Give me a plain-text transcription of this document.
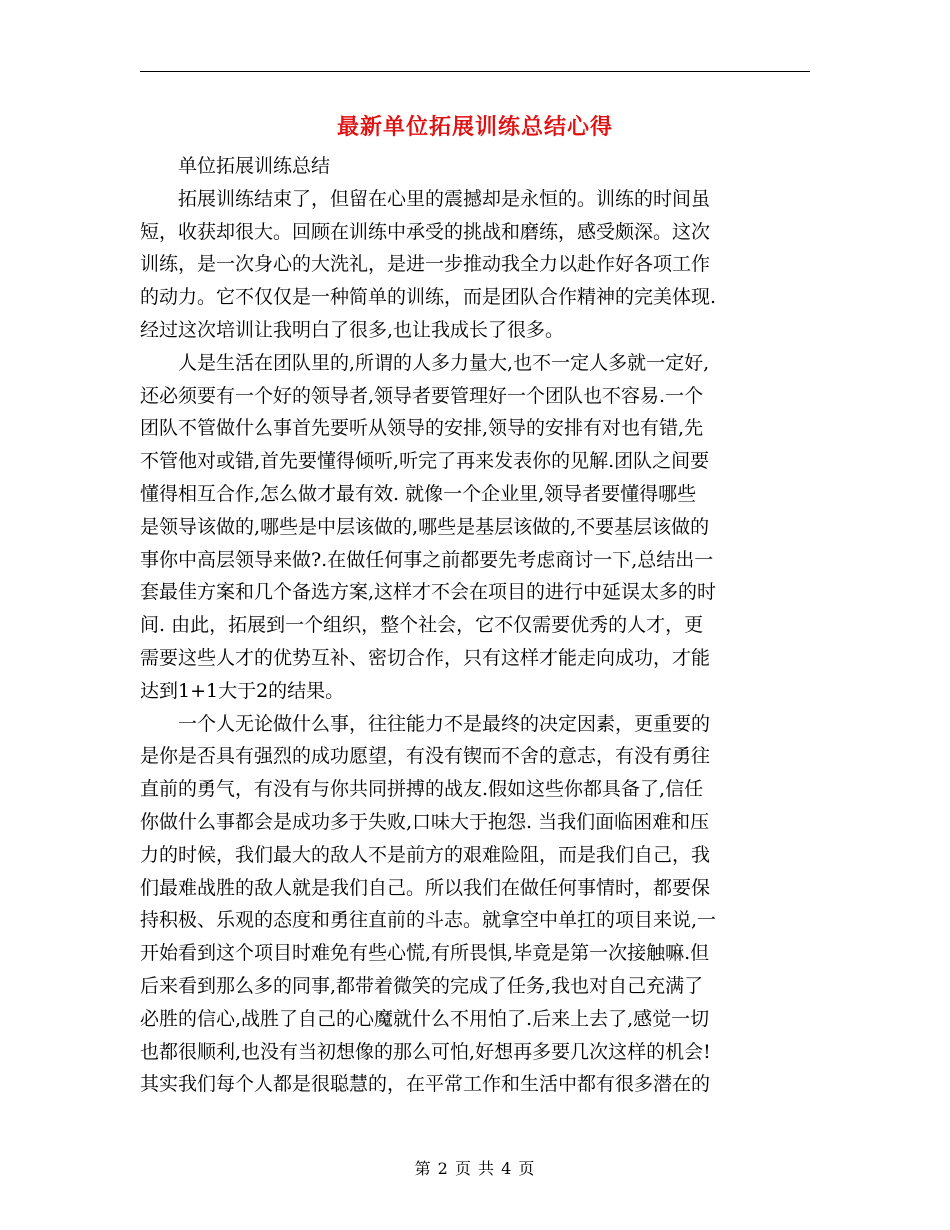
最新单位拓展训练总结心得
　　单位拓展训练总结
　　拓展训练结束了，但留在心里的震撼却是永恒的。训练的时间虽
短，收获却很大。回顾在训练中承受的挑战和磨练，感受颇深。这次
训练，是一次身心的大洗礼，是进一步推动我全力以赴作好各项工作
的动力。它不仅仅是一种简单的训练，而是团队合作精神的完美体现.
经过这次培训让我明白了很多,也让我成长了很多。
　　人是生活在团队里的,所谓的人多力量大,也不一定人多就一定好,
还必须要有一个好的领导者,领导者要管理好一个团队也不容易.一个
团队不管做什么事首先要听从领导的安排,领导的安排有对也有错,先
不管他对或错,首先要懂得倾听,听完了再来发表你的见解.团队之间要
懂得相互合作,怎么做才最有效. 就像一个企业里,领导者要懂得哪些
是领导该做的,哪些是中层该做的,哪些是基层该做的,不要基层该做的
事你中高层领导来做?.在做任何事之前都要先考虑商讨一下,总结出一
套最佳方案和几个备选方案,这样才不会在项目的进行中延误太多的时
间. 由此，拓展到一个组织，整个社会，它不仅需要优秀的人才，更
需要这些人才的优势互补、密切合作，只有这样才能走向成功，才能
达到1+1大于2的结果。
　　一个人无论做什么事，往往能力不是最终的决定因素，更重要的
是你是否具有强烈的成功愿望，有没有锲而不舍的意志，有没有勇往
直前的勇气，有没有与你共同拼搏的战友.假如这些你都具备了,信任
你做什么事都会是成功多于失败,口味大于抱怨. 当我们面临困难和压
力的时候，我们最大的敌人不是前方的艰难险阻，而是我们自己，我
们最难战胜的敌人就是我们自己。所以我们在做任何事情时，都要保
持积极、乐观的态度和勇往直前的斗志。就拿空中单扛的项目来说,一
开始看到这个项目时难免有些心慌,有所畏惧,毕竟是第一次接触嘛.但
后来看到那么多的同事,都带着微笑的完成了任务,我也对自己充满了
必胜的信心,战胜了自己的心魔就什么不用怕了.后来上去了,感觉一切
也都很顺利,也没有当初想像的那么可怕,好想再多要几次这样的机会!
其实我们每个人都是很聪慧的，在平常工作和生活中都有很多潜在的
第 2 页 共 4 页
